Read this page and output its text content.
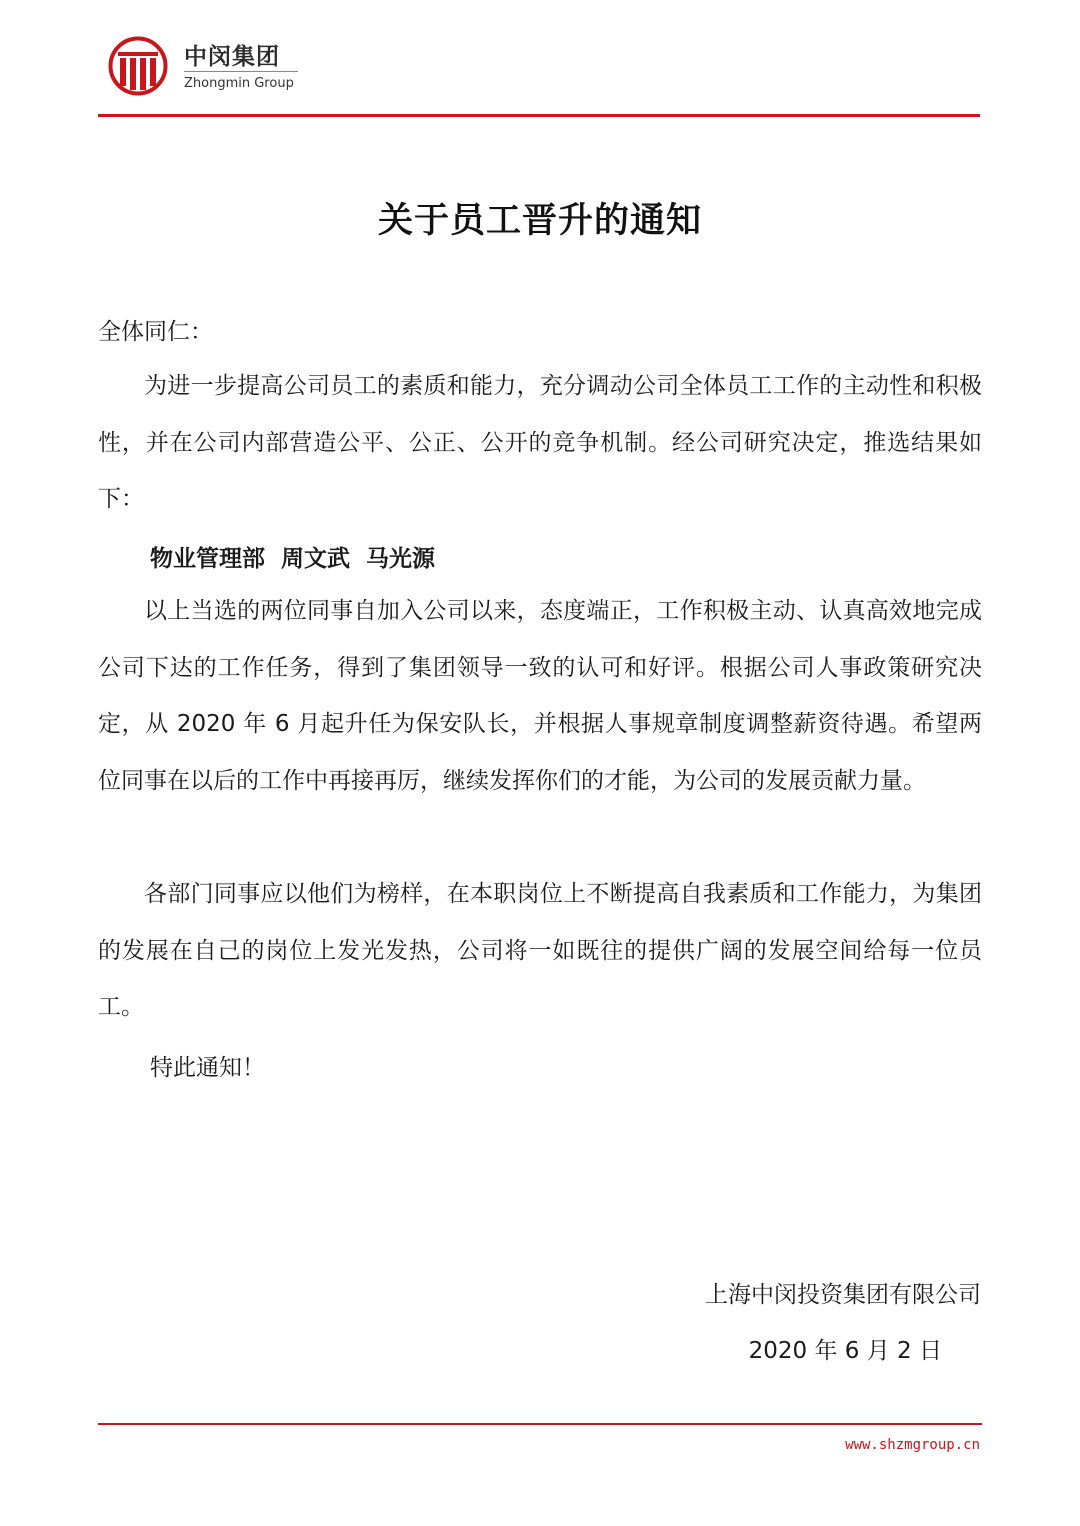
中闵集团
Zhongmin Group
关于员工晋升的通知
全体同仁：

为进一步提高公司员工的素质和能力，充分调动公司全体员工工作的主动性和积极性，并在公司内部营造公平、公正、公开的竞争机制。经公司研究决定，推选结果如下：

物业管理部  周文武  马光源

以上当选的两位同事自加入公司以来，态度端正，工作积极主动、认真高效地完成公司下达的工作任务，得到了集团领导一致的认可和好评。根据公司人事政策研究决定，从 2020 年 6 月起升任为保安队长，并根据人事规章制度调整薪资待遇。希望两位同事在以后的工作中再接再厉，继续发挥你们的才能，为公司的发展贡献力量。

各部门同事应以他们为榜样，在本职岗位上不断提高自我素质和工作能力，为集团的发展在自己的岗位上发光发热，公司将一如既往的提供广阔的发展空间给每一位员工。

特此通知！
上海中闵投资集团有限公司
2020 年 6 月 2 日
www.shzmgroup.cn
